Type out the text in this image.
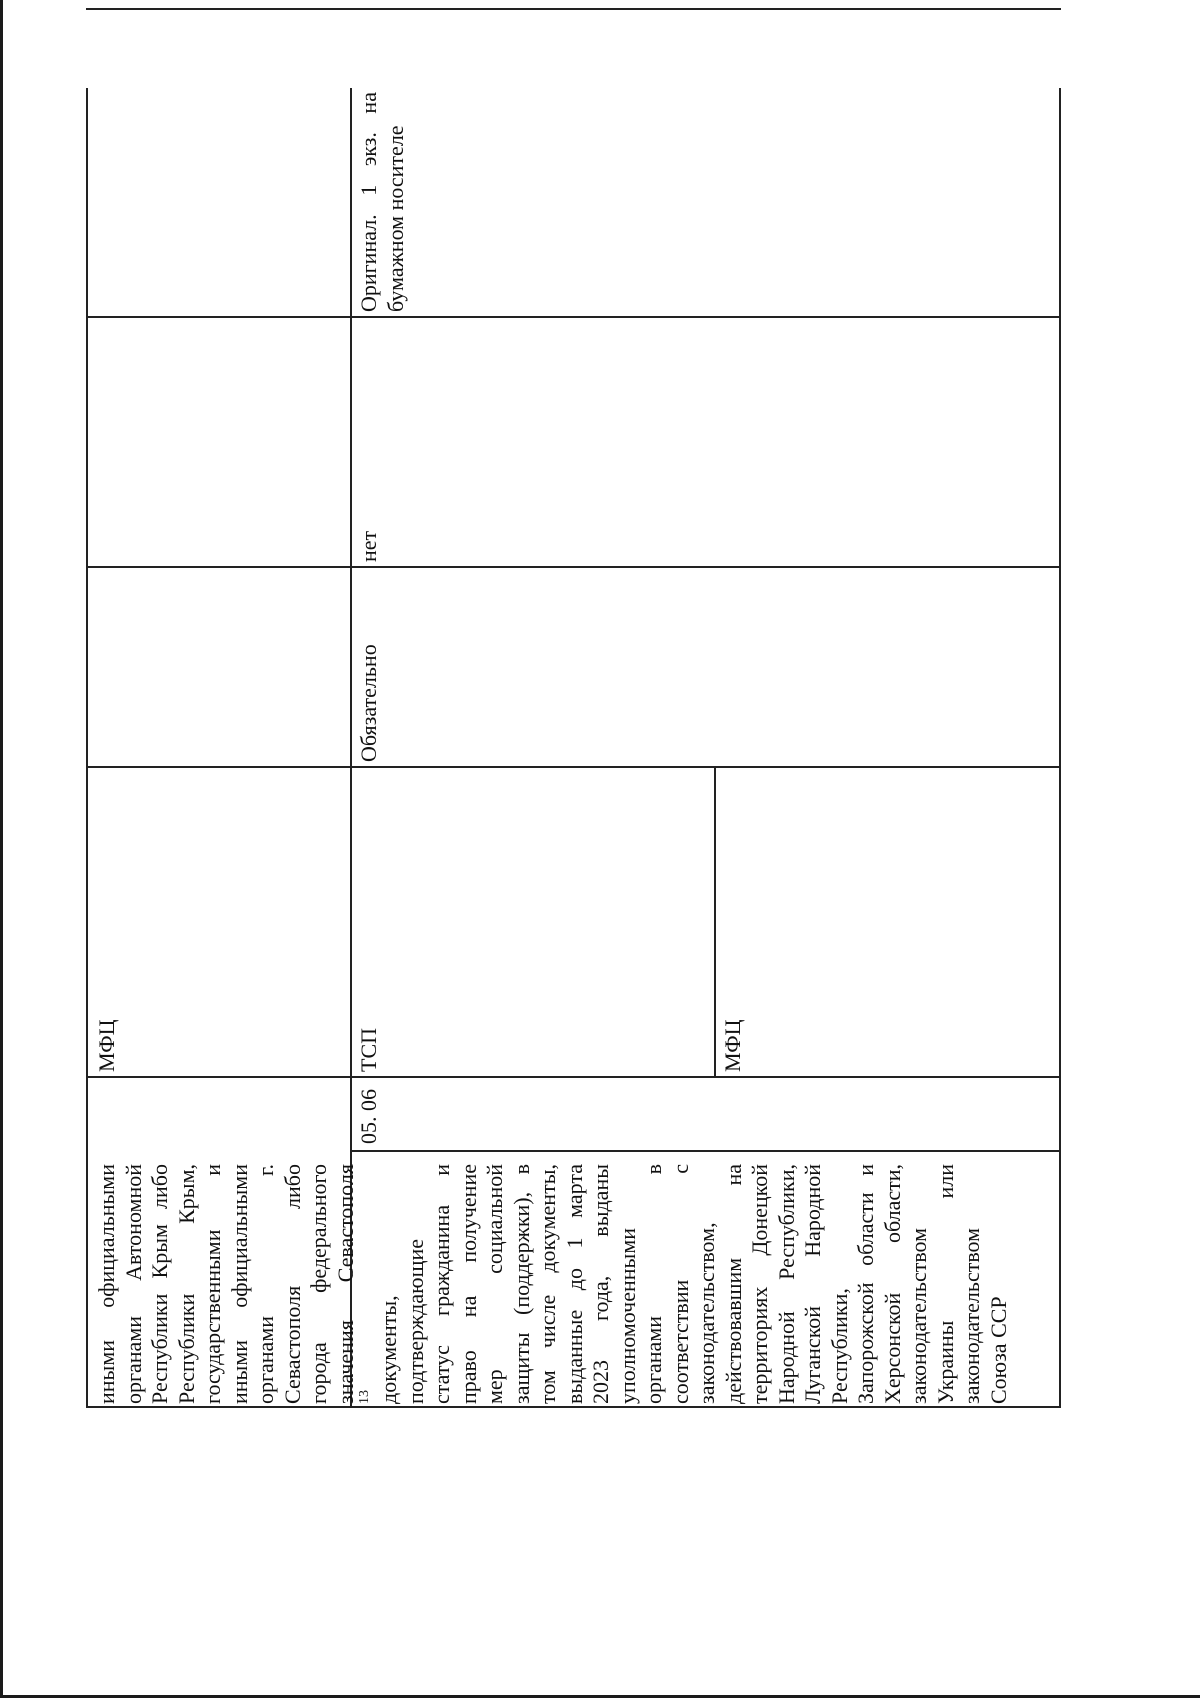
иными
официальными
органами
Автономной
Республики
Крым
либо
Республики
Крым,
государственными
и
иными
официальными
органами
г.
Севастополя
либо
города
федерального
значения
Севастополя
МФЦ
13 документы, подтверждающие статус
гражданина
и
право
на
получение
мер
социальной
защиты
(поддержки),
в
том
числе
документы,
выданные
до
1
марта
2023
года,
выданы
уполномоченными органами
в
соответствии
с
законодательством, действовавшим
на
территориях
Донецкой
Народной
Республики,
Луганской
Народной
Республики, Запорожской
области
и
Херсонской
области,
законодательством Украины
или
законодательством Союза ССР
05. 06
ТСП	МФЦ
Обязательно
нет
Оригинал.
1
экз.
на
бумажном носителе
